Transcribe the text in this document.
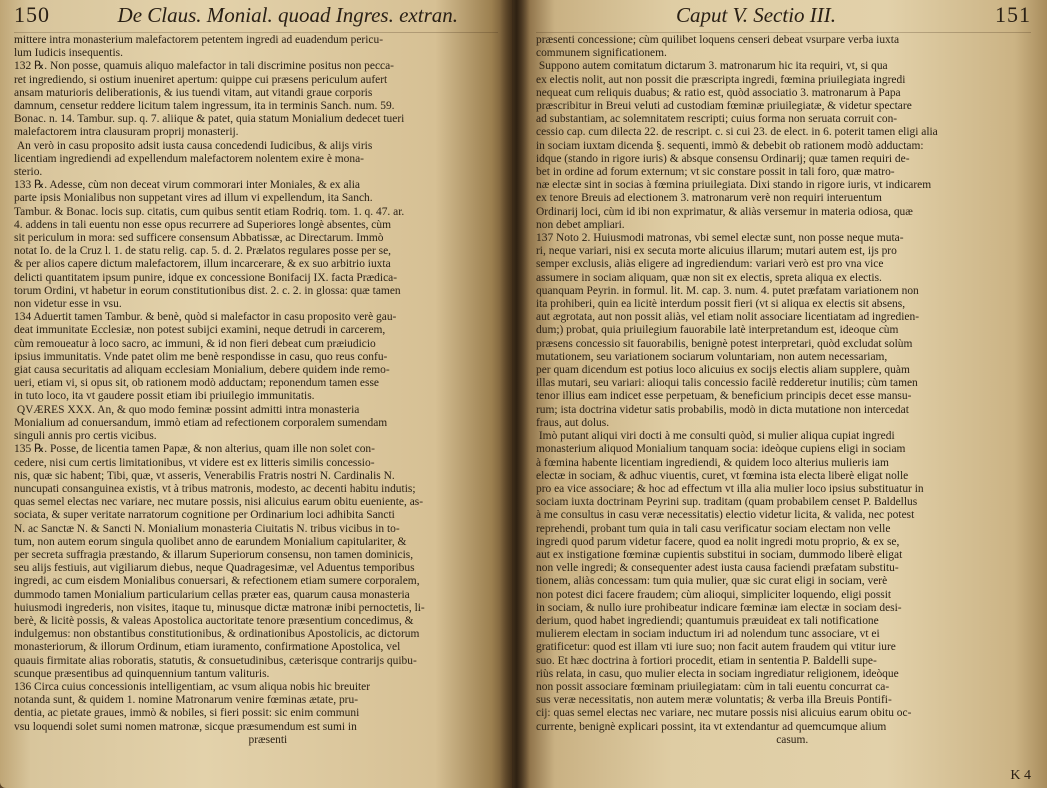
150	De Claus. Monial. quoad Ingres. extran.
mittere intra monasterium malefactorem petentem ingredi ad euadendum pericu-
lum Iudicis insequentis.
132 ℞. Non posse, quamuis aliquo malefactor in tali discrimine positus non pecca-
ret ingrediendo, si ostium inueniret apertum: quippe cui præsens periculum aufert
ansam maturioris deliberationis, & ius tuendi vitam, aut vitandi graue corporis
damnum, censetur reddere licitum talem ingressum, ita in terminis Sanch. num. 59.
Bonac. n. 14. Tambur. sup. q. 7. aliique & patet, quia statum Monialium dedecet tueri
malefactorem intra clausuram proprij monasterij.
An verò in casu proposito adsit iusta causa concedendi Iudicibus, & alijs viris
licentiam ingrediendi ad expellendum malefactorem nolentem exire è mona-
sterio.
133 ℞. Adesse, cùm non deceat virum commorari inter Moniales, & ex alia
parte ipsis Monialibus non suppetant vires ad illum vi expellendum, ita Sanch.
Tambur. & Bonac. locis sup. citatis, cum quibus sentit etiam Rodriq. tom. 1. q. 47. ar.
4. addens in tali euentu non esse opus recurrere ad Superiores longè absentes, cùm
sit periculum in mora: sed sufficere consensum Abbatissæ, ac Directarum. Immò
notat Io. de la Cruz l. 1. de statu relig. cap. 5. d. 2. Prælatos regulares posse per se,
& per alios capere dictum malefactorem, illum incarcerare, & ex suo arbitrio iuxta
delicti quantitatem ipsum punire, idque ex concessione Bonifacij IX. facta Prædica-
torum Ordini, vt habetur in eorum constitutionibus dist. 2. c. 2. in glossa: quæ tamen
non videtur esse in vsu.
134 Aduertit tamen Tambur. & benè, quòd si malefactor in casu proposito verè gau-
deat immunitate Ecclesiæ, non potest subijci examini, neque detrudi in carcerem,
cùm remoueatur à loco sacro, ac immuni, & id non fieri debeat cum præiudicio
ipsius immunitatis. Vnde patet olim me benè respondisse in casu, quo reus confu-
giat causa securitatis ad aliquam ecclesiam Monialium, debere quidem inde remo-
ueri, etiam vi, si opus sit, ob rationem modò adductam; reponendum tamen esse
in tuto loco, ita vt gaudere possit etiam ibi priuilegio immunitatis.
QVÆRES XXX. An, & quo modo feminæ possint admitti intra monasteria
Monialium ad conuersandum, immò etiam ad refectionem corporalem sumendam
singuli annis pro certis vicibus.
135 ℞. Posse, de licentia tamen Papæ, & non alterius, quam ille non solet con-
cedere, nisi cum certis limitationibus, vt videre est ex litteris similis concessio-
nis, quæ sic habent; Tibi, quæ, vt asseris, Venerabilis Fratris nostri N. Cardinalis N.
nuncupati consanguinea existis, vt à tribus matronis, modesto, ac decenti habitu indutis;
quas semel electas nec variare, nec mutare possis, nisi alicuius earum obitu eueniente, as-
sociata, & super veritate narratorum cognitione per Ordinarium loci adhibita Sancti
N. ac Sanctæ N. & Sancti N. Monialium monasteria Ciuitatis N. tribus vicibus in to-
tum, non autem eorum singula quolibet anno de earundem Monialium capitulariter, &
per secreta suffragia præstando, & illarum Superiorum consensu, non tamen dominicis,
seu alijs festiuis, aut vigiliarum diebus, neque Quadragesimæ, vel Aduentus temporibus
ingredi, ac cum eisdem Monialibus conuersari, & refectionem etiam sumere corporalem,
dummodo tamen Monialium particularium cellas præter eas, quarum causa monasteria
huiusmodi ingrederis, non visites, itaque tu, minusque dictæ matronæ inibi pernoctetis, li-
berè, & licitè possis, & valeas Apostolica auctoritate tenore præsentium concedimus, &
indulgemus: non obstantibus constitutionibus, & ordinationibus Apostolicis, ac dictorum
monasteriorum, & illorum Ordinum, etiam iuramento, confirmatione Apostolica, vel
quauis firmitate alias roboratis, statutis, & consuetudinibus, cæterisque contrarijs quibu-
scunque præsentibus ad quinquennium tantum valituris.
136 Circa cuius concessionis intelligentiam, ac vsum aliqua nobis hic breuiter
notanda sunt, & quidem 1. nomine Matronarum venire fœminas ætate, pru-
dentia, ac pietate graues, immò & nobiles, si fieri possit: sic enim communi
vsu loquendi solet sumi nomen matronæ, sicque præsumendum est sumi in
præsenti
Caput V. Sectio III.	151
præsenti concessione; cùm quilibet loquens censeri debeat vsurpare verba iuxta
communem significationem.
Suppono autem comitatum dictarum 3. matronarum hic ita requiri, vt, si qua
ex electis nolit, aut non possit die præscripta ingredi, fœmina priuilegiata ingredi
nequeat cum reliquis duabus; & ratio est, quòd associatio 3. matronarum à Papa
præscribitur in Breui veluti ad custodiam fœminæ priuilegiatæ, & videtur spectare
ad substantiam, ac solemnitatem rescripti; cuius forma non seruata corruit con-
cessio cap. cum dilecta 22. de rescript. c. si cui 23. de elect. in 6. poterit tamen eligi alia
in sociam iuxtam dicenda §. sequenti, immò & debebit ob rationem modò adductam:
idque (stando in rigore iuris) & absque consensu Ordinarij; quæ tamen requiri de-
bet in ordine ad forum externum; vt sic constare possit in tali foro, quæ matro-
næ electæ sint in socias à fœmina priuilegiata. Dixi stando in rigore iuris, vt indicarem
ex tenore Breuis ad electionem 3. matronarum verè non requiri interuentum
Ordinarij loci, cùm id ibi non exprimatur, & aliàs versemur in materia odiosa, quæ
non debet ampliari.
137 Noto 2. Huiusmodi matronas, vbi semel electæ sunt, non posse neque muta-
ri, neque variari, nisi ex secuta morte alicuius illarum; mutari autem est, ijs pro
semper exclusis, aliàs eligere ad ingrediendum: variari verò est pro vna vice
assumere in sociam aliquam, quæ non sit ex electis, spreta aliqua ex electis.
quanquam Peyrin. in formul. lit. M. cap. 3. num. 4. putet præfatam variationem non
ita prohiberi, quin ea licitè interdum possit fieri (vt si aliqua ex electis sit absens,
aut ægrotata, aut non possit aliàs, vel etiam nolit associare licentiatam ad ingredien-
dum;) probat, quia priuilegium fauorabile latè interpretandum est, ideoque cùm
præsens concessio sit fauorabilis, benignè potest interpretari, quòd excludat solùm
mutationem, seu variationem sociarum voluntariam, non autem necessariam,
per quam dicendum est potius loco alicuius ex socijs electis aliam supplere, quàm
illas mutari, seu variari: alioqui talis concessio facilè redderetur inutilis; cùm tamen
tenor illius eam indicet esse perpetuam, & beneficium principis decet esse mansu-
rum; ista doctrina videtur satis probabilis, modò in dicta mutatione non intercedat
fraus, aut dolus.
Imò putant aliqui viri docti à me consulti quòd, si mulier aliqua cupiat ingredi
monasterium aliquod Monialium tanquam socia: ideòque cupiens eligi in sociam
à fœmina habente licentiam ingrediendi, & quidem loco alterius mulieris iam
electæ in sociam, & adhuc viuentis, curet, vt fœmina ista electa liberè eligat nolle
pro ea vice associare; & hoc ad effectum vt illa alia mulier loco ipsius substituatur in
sociam iuxta doctrinam Peyrini sup. traditam (quam probabilem censet P. Baldellus
à me consultus in casu veræ necessitatis) electio videtur licita, & valida, nec potest
reprehendi, probant tum quia in tali casu verificatur sociam electam non velle
ingredi quod parum videtur facere, quod ea nolit ingredi motu proprio, & ex se,
aut ex instigatione fœminæ cupientis substitui in sociam, dummodo liberè eligat
non velle ingredi; & consequenter adest iusta causa faciendi præfatam substitu-
tionem, aliàs concessam: tum quia mulier, quæ sic curat eligi in sociam, verè
non potest dici facere fraudem; cùm alioqui, simpliciter loquendo, eligi possit
in sociam, & nullo iure prohibeatur indicare fœminæ iam electæ in sociam desi-
derium, quod habet ingrediendi; quantumuis præuideat ex tali notificatione
mulierem electam in sociam inductum iri ad nolendum tunc associare, vt ei
gratificetur: quod est illam vti iure suo; non facit autem fraudem qui vtitur iure
suo. Et hæc doctrina à fortiori procedit, etiam in sententia P. Baldelli supe-
riùs relata, in casu, quo mulier electa in sociam ingrediatur religionem, ideòque
non possit associare fœminam priuilegiatam: cùm in tali euentu concurrat ca-
sus veræ necessitatis, non autem meræ voluntatis; & verba illa Breuis Pontifi-
cij: quas semel electas nec variare, nec mutare possis nisi alicuius earum obitu oc-
currente, benignè explicari possint, ita vt extendantur ad quemcumque alium
casum.
K 4
